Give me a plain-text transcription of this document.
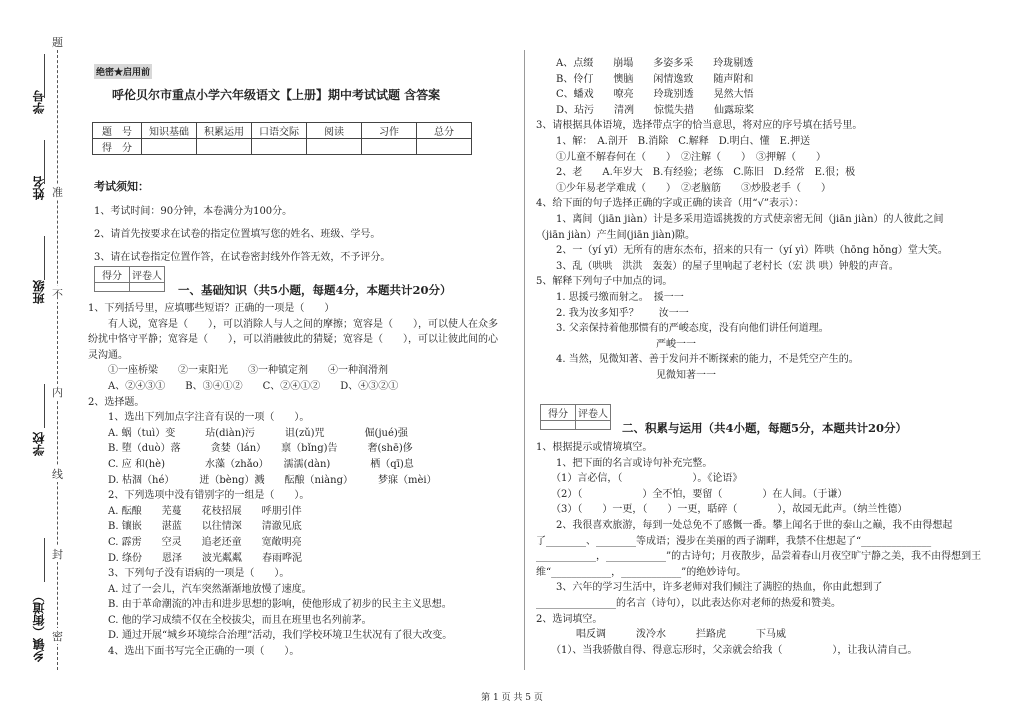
学号
姓名
班级
学校
乡镇（街道）
题
准
不
内
线
封
密
绝密★启用前
呼伦贝尔市重点小学六年级语文【上册】期中考试试题 含答案
题　号	知识基础	积累运用	口语交际	阅读	习作	总分
得　分						
考试须知：
1、考试时间：90分钟，本卷满分为100分。
2、请首先按要求在试卷的指定位置填写您的姓名、班级、学号。
3、请在试卷指定位置作答，在试卷密封线外作答无效，不予评分。
得分	评卷人

一、基础知识（共5小题，每题4分，本题共计20分）
1、下列括号里，应填哪些短语？正确的一项是（　　）
　　有人说，宽容是（　　），可以消除人与人之间的摩擦；宽容是（　　），可以使人在众多
纷扰中恪守平静；宽容是（　　），可以消融彼此的猜疑；宽容是（　　），可以让彼此间的心
灵沟通。
　　①一座桥梁　　②一束阳光　　③一种镇定剂　　④一种润滑剂
　　A、②④③①　　B、③④①②　　C、②④①②　　D、④③②①
2、选择题。
　　1、选出下列加点字注音有误的一项（　　）。
　　A. 蜗（tuì）变　　　玷(diàn)污　　　诅(zǔ)咒　　　　倔(jué)强
　　B. 堕（duò）落　　　贪婪（lán）　　禀（bǐng)告　　　奢(shē)侈
　　C. 应 和(hè)　　　　水藻（zhǎo）　　濡濡(dàn)　　　　栖（qī)息
　　D. 枯涸（hé）　　　迸（bèng）溅　　酝酿（niàng）　　　梦寐（mèi）
　　2、下列选项中没有错别字的一组是（　　）。
　　A. 酝酿　　芜蔓　　花枝招展　　呼朋引伴
　　B. 镶嵌　　湛蓝　　以往情深　　清澈见底
　　C. 霹雳　　空灵　　追老还童　　宽敞明亮
　　D. 绦份　　恩泽　　波光粼粼　　春雨哗泥
　　3、下列句子没有语病的一项是（　　）。
　　A. 过了一会儿，汽车突然渐渐地放慢了速度。
　　B. 由于革命潮流的冲击和进步思想的影响，使他形成了初步的民主主义思想。
　　C. 他的学习成绩不仅在全校拔尖，而且在班里也名列前茅。
　　D. 通过开展“城乡环境综合治理”活动，我们学校环境卫生状况有了很大改变。
　　4、选出下面书写完全正确的一项（　　）。
　　A、点缀　　崩塌　　多姿多采　　玲珑剔透
　　B、伶仃　　懊脑　　闲情逸致　　随声附和
　　C、蟠戏　　嘹亮　　玲珑别透　　晃然大悟
　　D、玷污　　清冽　　惊慌失措　　仙露琼桨
3、请根据具体语境，选择带点字的恰当意思，将对应的序号填在括号里。
　　1、解：　A.剖开　B.消除　C.解释　D.明白、懂　E.押送
　　①儿童不解春何在（　　）　②注解（　　）　③押解（　　）
　　2、老　　A.年岁大　B.有经验；老练　C.陈旧　D.经常　E.很；极
　　①少年易老学难成（　　）　②老脑筋　　③炒股老手（　　）
4、给下面的句子选择正确的字或正确的读音（用“√”表示）：
　　1、离间（jiān jiàn）计是多采用造谣挑拨的方式使亲密无间（jiān jiàn）的人彼此之间
（jiān jiàn）产生间(jiān jiàn)隙。
　　2、一（yí yī）无所有的唐东杰布，招来的只有一（yí yì）阵哄（hōng hǒng）堂大笑。
　　3、乱（哄哄　洪洪　轰轰）的屋子里响起了老村长（宏 洪 哄）钟般的声音。
5、解释下列句子中加点的词。
　　1. 思援弓缴而射之。　援一一
　　2. 我为汝多知乎？　　汝一一
　　3. 父亲保持着他那惯有的严峻态度，没有向他们讲任何道理。
　　　　　　　　　　　　严峻一一
　　4. 当然，见微知著、善于发问并不断探索的能力，不是凭空产生的。
　　　　　　　　　　　　见微知著一一
得分	评卷人

二、积累与运用（共4小题，每题5分，本题共计20分）
1、根据提示或情境填空。
　　1、把下面的名言或诗句补充完整。
　　（1）言必信，（　　　　　　　）。《论语》
　　（2）（　　　　　　）全不怕，要留（　　　　）在人间。（于谦）
　　（3）（　　）一更，（　　）一更，聒碎（　　　　），故园无此声。（纳兰性德）
　　2、我很喜欢旅游，每到一处总免不了感慨一番。攀上闻名于世的泰山之巅，我不由得想起
了________、________等成语；漫步在美丽的西子湖畔，我禁不住想起了“______________
____________，____________”的古诗句；月夜散步，品尝着春山月夜空旷宁静之美，我不由得想到王
维“____________，____________”的绝妙诗句。
　　3、六年的学习生活中，许多老师对我们倾注了满腔的热血，你由此想到了
________________的名言（诗句），以此表达你对老师的热爱和赞美。
2、选词填空。
　　　　唱反调　　　泼冷水　　　拦路虎　　　下马威
　　（1）、当我骄傲自得、得意忘形时，父亲就会给我（　　　　　），让我认清自己。
第 1 页 共 5 页
